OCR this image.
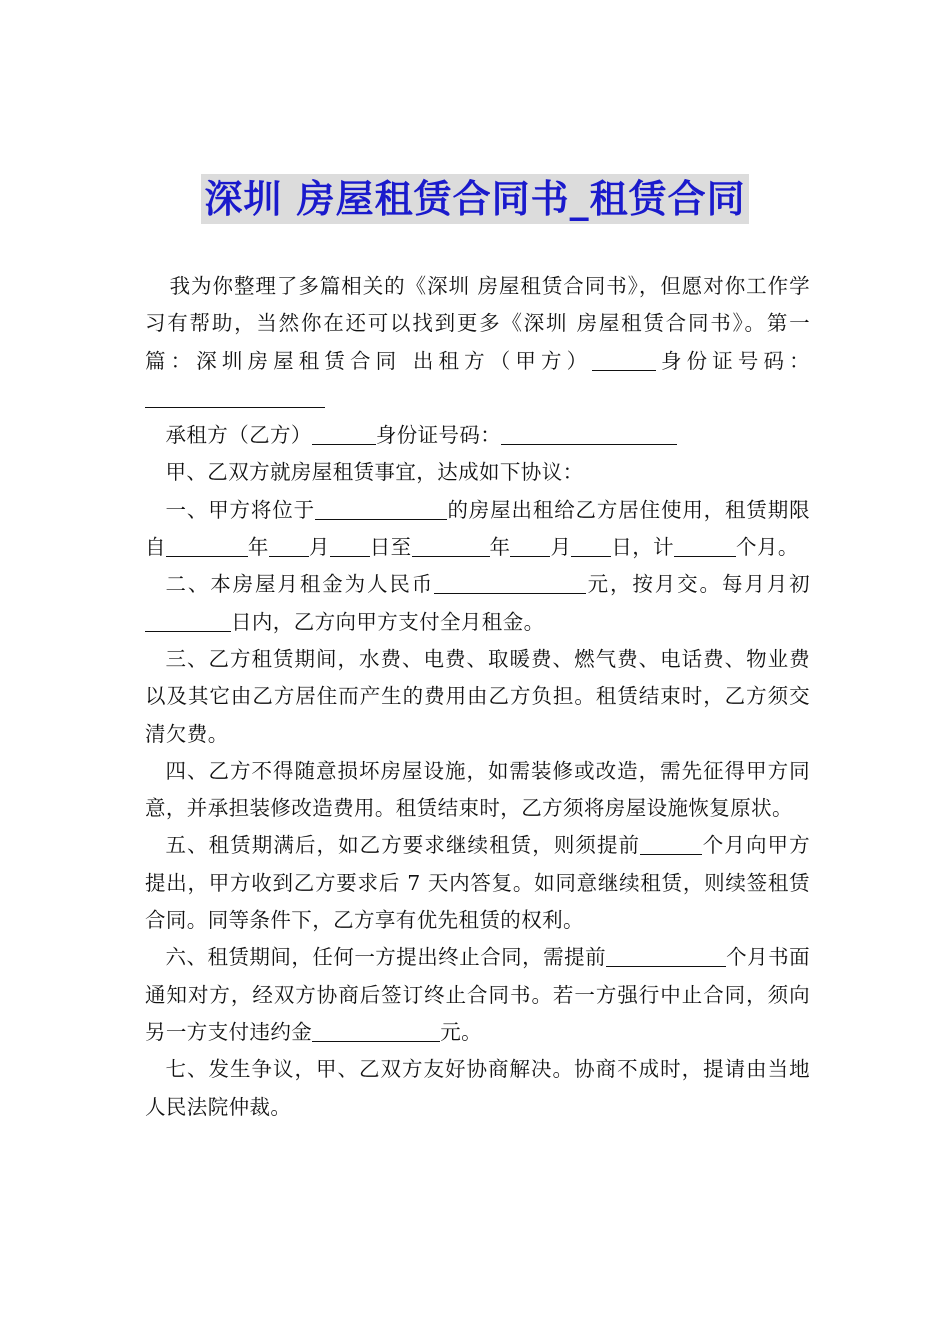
深圳 房屋租赁合同书_租赁合同

我为你整理了多篇相关的《深圳 房屋租赁合同书》，但愿对你工作学习有帮助，当然你在还可以找到更多《深圳 房屋租赁合同书》。第一篇：深圳房屋租赁合同 出租方（甲方）	身份证号码：

承租方（乙方）	身份证号码：

甲、乙双方就房屋租赁事宜，达成如下协议：

一、甲方将位于	的房屋出租给乙方居住使用，租赁期限自	年 月 日至	年 月 日，计	个月。

二、本房屋月租金为人民币	元，按月交。每月月初日内，乙方向甲方支付全月租金。

三、乙方租赁期间，水费、电费、取暖费、燃气费、电话费、物业费以及其它由乙方居住而产生的费用由乙方负担。租赁结束时，乙方须交清欠费。

四、乙方不得随意损坏房屋设施，如需装修或改造，需先征得甲方同意，并承担装修改造费用。租赁结束时，乙方须将房屋设施恢复原状。

五、租赁期满后，如乙方要求继续租赁，则须提前	个月向甲方提出，甲方收到乙方要求后 7 天内答复。如同意继续租赁，则续签租赁合同。同等条件下，乙方享有优先租赁的权利。

六、租赁期间，任何一方提出终止合同，需提前	个月书面通知对方，经双方协商后签订终止合同书。若一方强行中止合同，须向另一方支付违约金	元。

七、发生争议，甲、乙双方友好协商解决。协商不成时，提请由当地人民法院仲裁。
